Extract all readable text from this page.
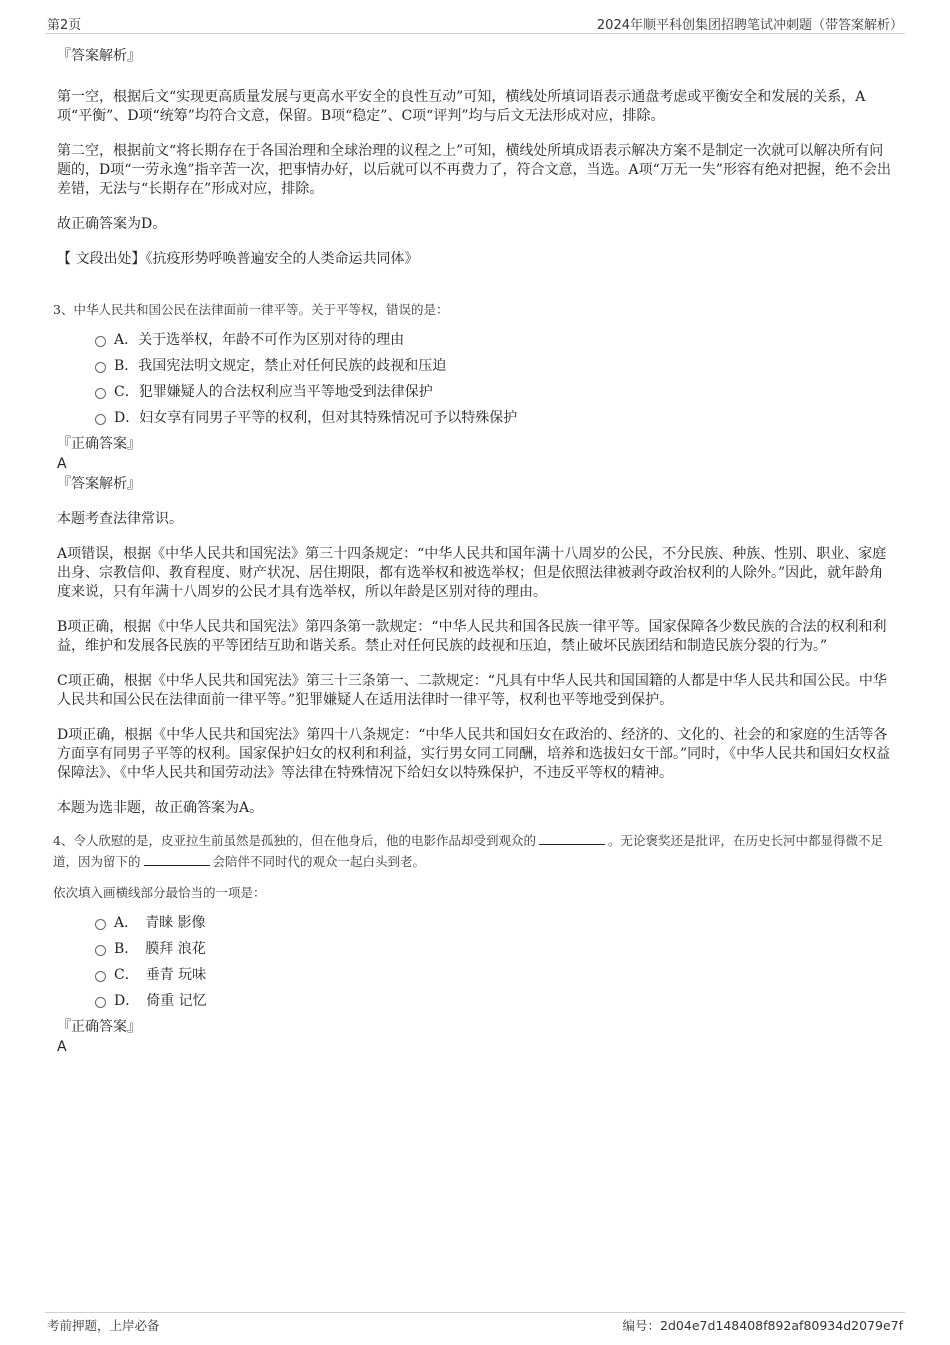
第2页	2024年顺平科创集团招聘笔试冲刺题（带答案解析）

『答案解析』

第一空，根据后文“实现更高质量发展与更高水平安全的良性互动”可知，横线处所填词语表示通盘考虑或平衡安全和发展的关系，A项“平衡”、D项“统筹”均符合文意，保留。B项“稳定”、C项“评判”均与后文无法形成对应，排除。

第二空，根据前文“将长期存在于各国治理和全球治理的议程之上”可知，横线处所填成语表示解决方案不是制定一次就可以解决所有问题的，D项“一劳永逸”指辛苦一次，把事情办好，以后就可以不再费力了，符合文意，当选。A项“万无一失”形容有绝对把握，绝不会出差错，无法与“长期存在”形成对应，排除。

故正确答案为D。

【 文段出处】《抗疫形势呼唤普遍安全的人类命运共同体》

3、中华人民共和国公民在法律面前一律平等。关于平等权，错误的是：

A．关于选举权，年龄不可作为区别对待的理由
B．我国宪法明文规定，禁止对任何民族的歧视和压迫
C．犯罪嫌疑人的合法权利应当平等地受到法律保护
D．妇女享有同男子平等的权利，但对其特殊情况可予以特殊保护

『正确答案』

A

『答案解析』

本题考查法律常识。

A项错误，根据《中华人民共和国宪法》第三十四条规定：“中华人民共和国年满十八周岁的公民，不分民族、种族、性别、职业、家庭出身、宗教信仰、教育程度、财产状况、居住期限，都有选举权和被选举权；但是依照法律被剥夺政治权利的人除外。”因此，就年龄角度来说，只有年满十八周岁的公民才具有选举权，所以年龄是区别对待的理由。

B项正确，根据《中华人民共和国宪法》第四条第一款规定：“中华人民共和国各民族一律平等。国家保障各少数民族的合法的权利和利益，维护和发展各民族的平等团结互助和谐关系。禁止对任何民族的歧视和压迫，禁止破坏民族团结和制造民族分裂的行为。”

C项正确，根据《中华人民共和国宪法》第三十三条第一、二款规定：“凡具有中华人民共和国国籍的人都是中华人民共和国公民。中华人民共和国公民在法律面前一律平等。”犯罪嫌疑人在适用法律时一律平等，权利也平等地受到保护。

D项正确，根据《中华人民共和国宪法》第四十八条规定：“中华人民共和国妇女在政治的、经济的、文化的、社会的和家庭的生活等各方面享有同男子平等的权利。国家保护妇女的权利和利益，实行男女同工同酬，培养和选拔妇女干部。”同时，《中华人民共和国妇女权益保障法》、《中华人民共和国劳动法》等法律在特殊情况下给妇女以特殊保护，不违反平等权的精神。

本题为选非题，故正确答案为A。

4、令人欣慰的是，皮亚拉生前虽然是孤独的，但在他身后，他的电影作品却受到观众的	。无论褒奖还是批评，在历史长河中都显得微不足道，因为留下的	会陪伴不同时代的观众一起白头到老。

依次填入画横线部分最恰当的一项是：

A．　青睐 影像
B．　膜拜 浪花
C．　垂青 玩味
D．　倚重 记忆

『正确答案』

A

考前押题，上岸必备	编号：2d04e7d148408f892af80934d2079e7f
